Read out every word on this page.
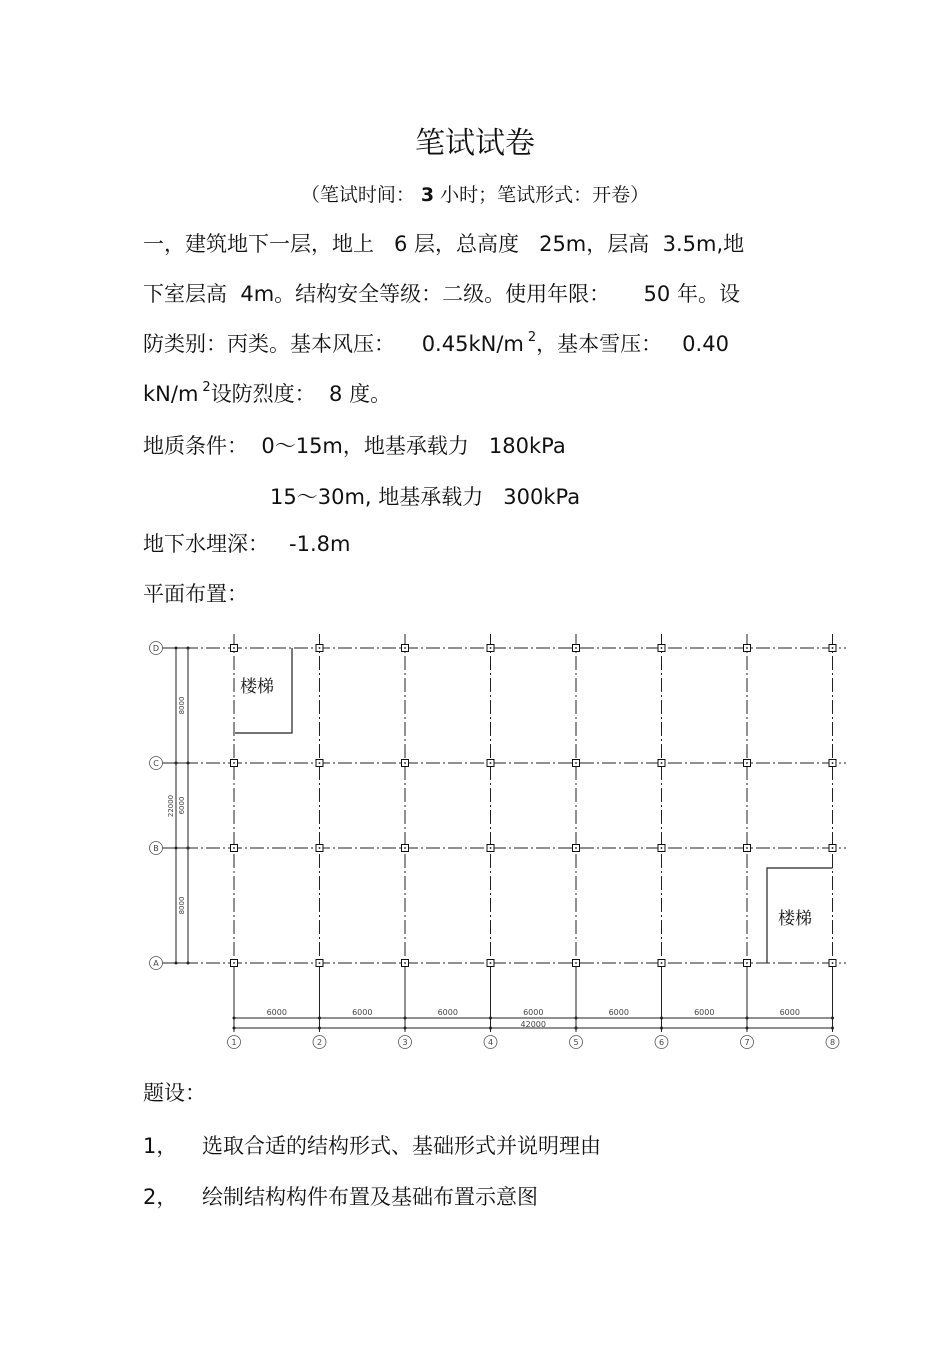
笔试试卷
（笔试时间： 3 小时；笔试形式：开卷）
一，建筑地下一层，地上   6 层，总高度   25m，层高  3.5m,地
下室层高  4m。结构安全等级：二级。使用年限：     50 年。设
防类别：丙类。基本风压：    0.45kN/m $^2$，基本雪压：   0.40
kN/m $^2$设防烈度：  8 度。
地质条件：  0～15m，地基承载力   180kPa
15～30m, 地基承载力   300kPa
地下水埋深：   -1.8m
平面布置：
8000
6000
8000
22000
6000	6000	6000	6000	6000	6000	6000
42000
楼梯
楼梯
A
B
C
D
1	2	3	4	5	6	7	8
题设：
1， 选取合适的结构形式、基础形式并说明理由
2， 绘制结构构件布置及基础布置示意图
